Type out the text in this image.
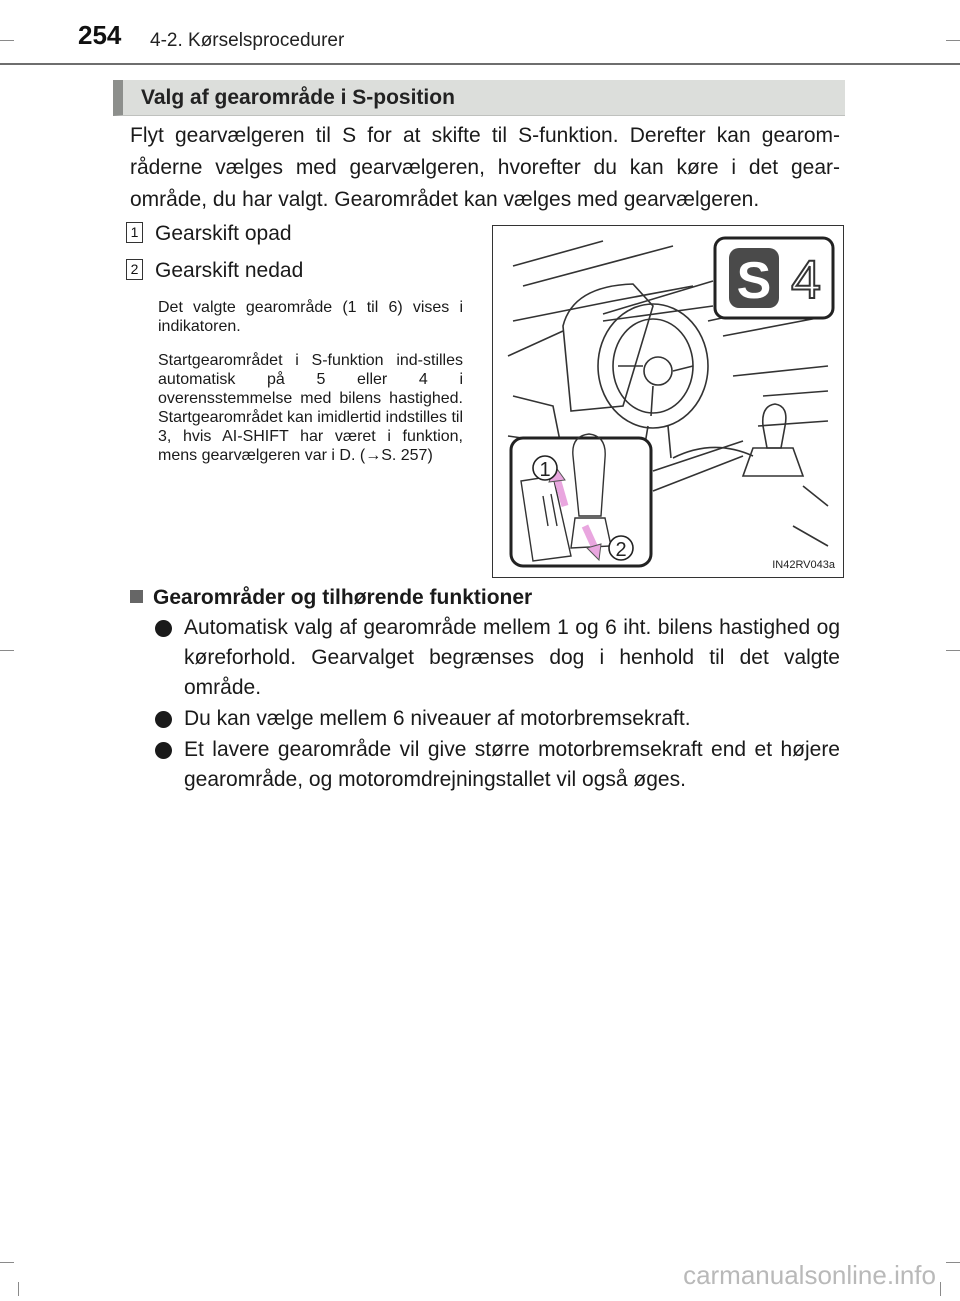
254 4-2. Kørselsprocedurer
Valg af gearområde i S-position

Flyt gearvælgeren til S for at skifte til S-funktion. Derefter kan gearom-råderne vælges med gearvælgeren, hvorefter du kan køre i det gear-område, du har valgt. Gearområdet kan vælges med gearvælgeren.

1 Gearskift opad
2 Gearskift nedad

Det valgte gearområde (1 til 6) vises i indikatoren.

Startgearområdet i S-funktion ind-stilles automatisk på 5 eller 4 i overensstemmelse med bilens hastighed. Startgearområdet kan imidlertid indstilles til 3, hvis AI-SHIFT har været i funktion, mens gearvælgeren var i D. (→S. 257)

S 4
1
2
IN42RV043a
Gearområder og tilhørende funktioner
Automatisk valg af gearområde mellem 1 og 6 iht. bilens hastighed og køreforhold. Gearvalget begrænses dog i henhold til det valgte område.
Du kan vælge mellem 6 niveauer af motorbremsekraft.
Et lavere gearområde vil give større motorbremsekraft end et højere gearområde, og motoromdrejningstallet vil også øges.
carmanualsonline.info
